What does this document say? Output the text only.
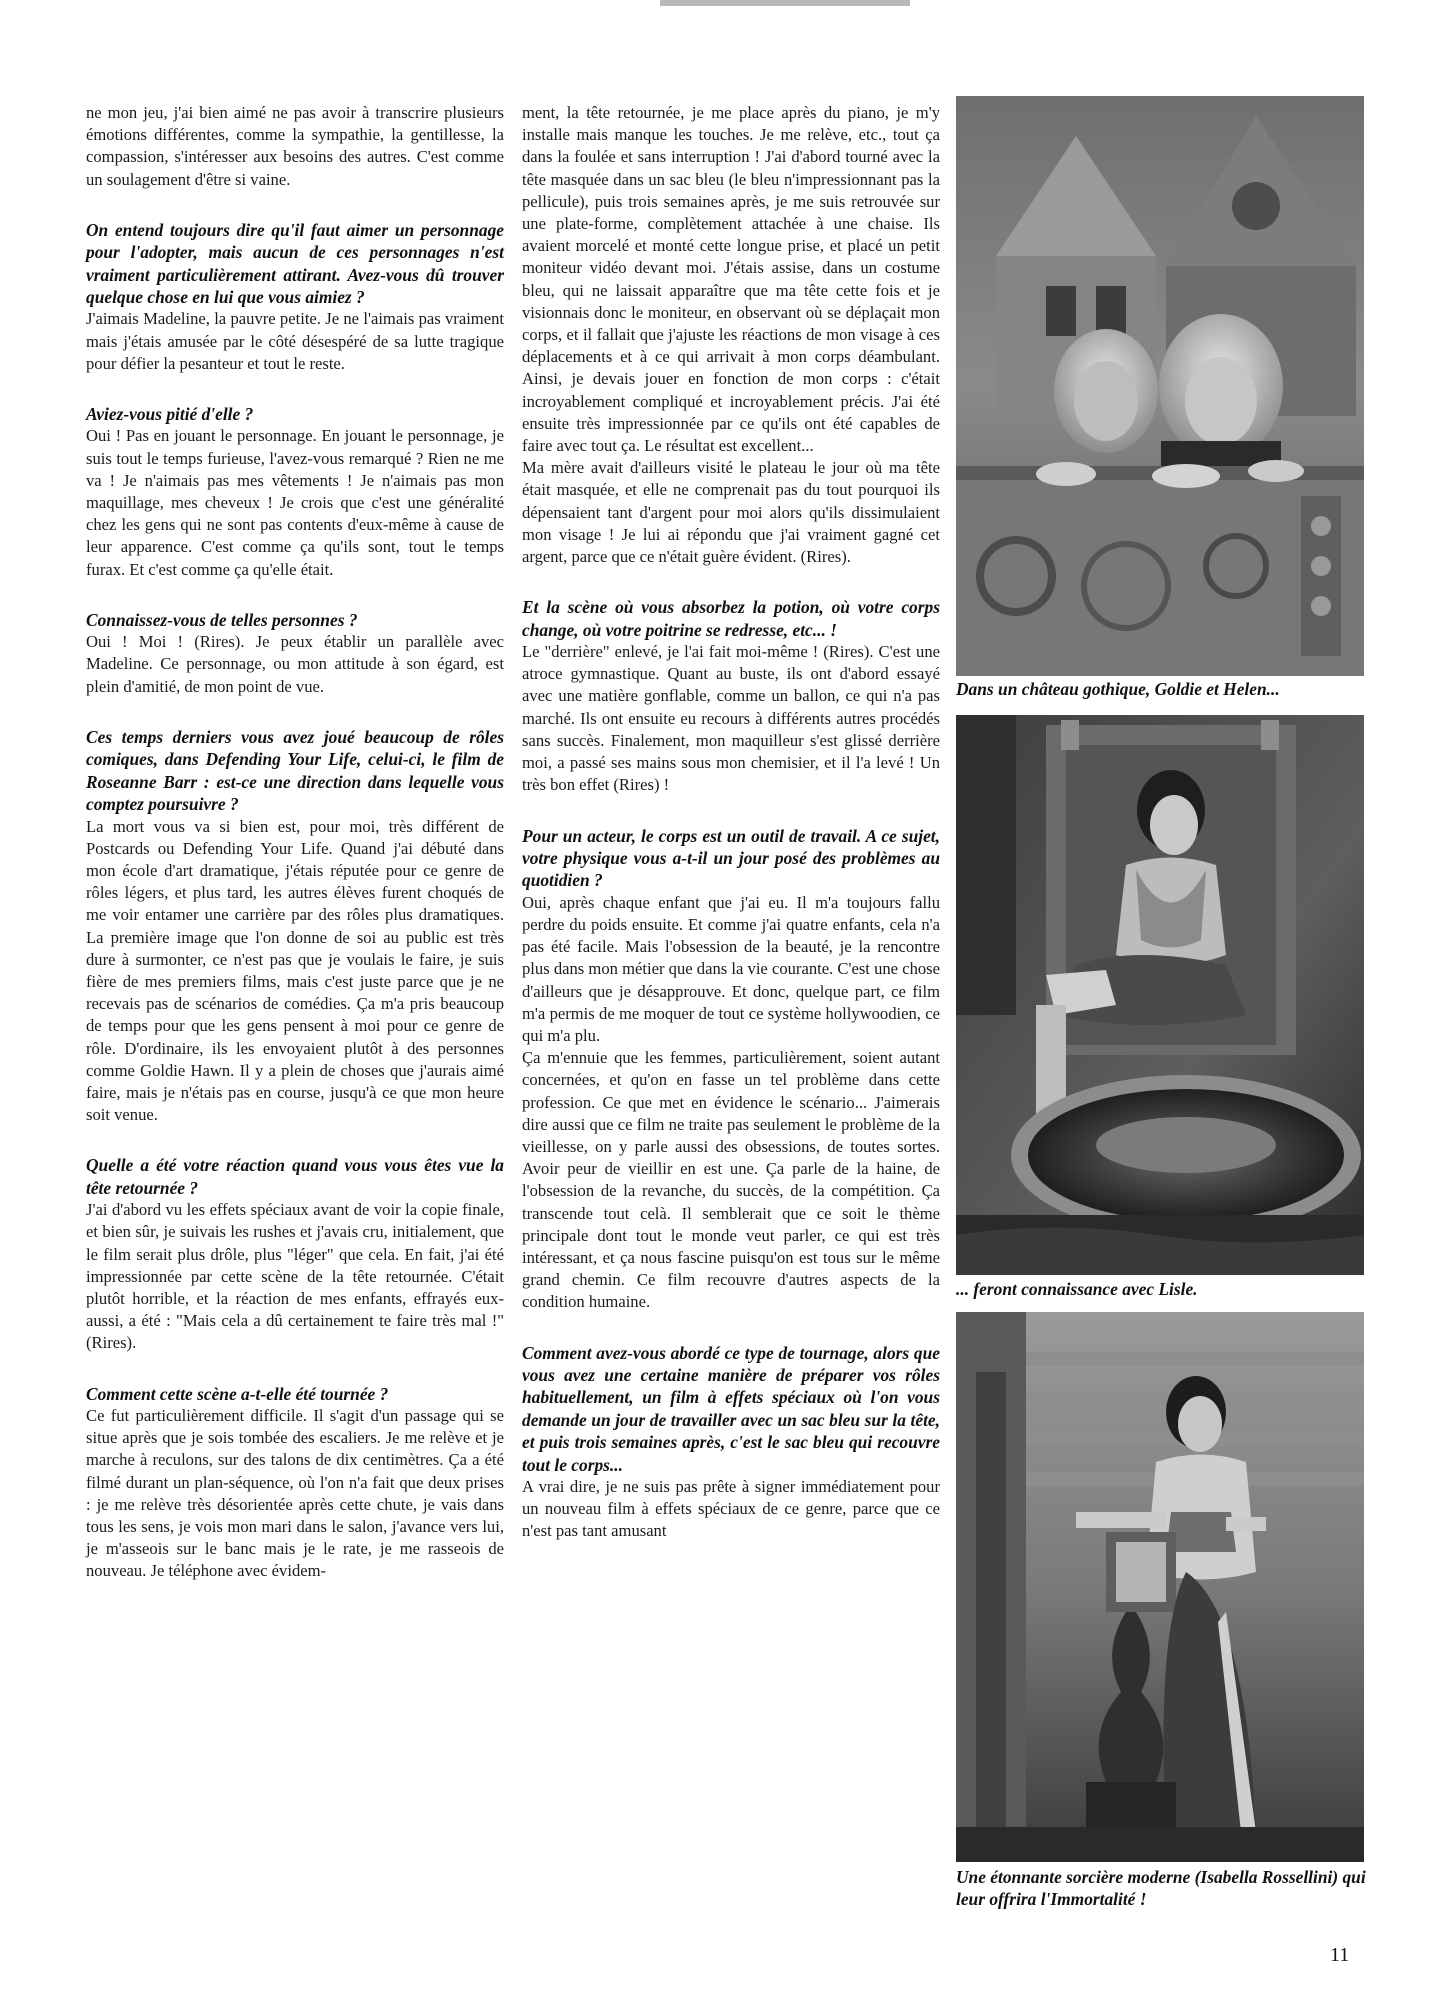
ne mon jeu, j'ai bien aimé ne pas avoir à transcrire plusieurs émotions différentes, comme la sympathie, la gentillesse, la compassion, s'intéresser aux besoins des autres. C'est comme un soulagement d'être si vaine.

On entend toujours dire qu'il faut aimer un personnage pour l'adopter, mais aucun de ces personnages n'est vraiment particulièrement attirant. Avez-vous dû trouver quelque chose en lui que vous aimiez ?

J'aimais Madeline, la pauvre petite. Je ne l'aimais pas vraiment mais j'étais amusée par le côté désespéré de sa lutte tragique pour défier la pesanteur et tout le reste.

Aviez-vous pitié d'elle ?

Oui ! Pas en jouant le personnage. En jouant le personnage, je suis tout le temps furieuse, l'avez-vous remarqué ? Rien ne me va ! Je n'aimais pas mes vêtements ! Je n'aimais pas mon maquillage, mes cheveux ! Je crois que c'est une généralité chez les gens qui ne sont pas contents d'eux-même à cause de leur apparence. C'est comme ça qu'ils sont, tout le temps furax. Et c'est comme ça qu'elle était.

Connaissez-vous de telles personnes ?

Oui ! Moi ! (Rires). Je peux établir un parallèle avec Madeline. Ce personnage, ou mon attitude à son égard, est plein d'amitié, de mon point de vue.

Ces temps derniers vous avez joué beaucoup de rôles comiques, dans Defending Your Life, celui-ci, le film de Roseanne Barr : est-ce une direction dans lequelle vous comptez poursuivre ?

La mort vous va si bien est, pour moi, très différent de Postcards ou Defending Your Life. Quand j'ai débuté dans mon école d'art dramatique, j'étais réputée pour ce genre de rôles légers, et plus tard, les autres élèves furent choqués de me voir entamer une carrière par des rôles plus dramatiques. La première image que l'on donne de soi au public est très dure à surmonter, ce n'est pas que je voulais le faire, je suis fière de mes premiers films, mais c'est juste parce que je ne recevais pas de scénarios de comédies. Ça m'a pris beaucoup de temps pour que les gens pensent à moi pour ce genre de rôle. D'ordinaire, ils les envoyaient plutôt à des personnes comme Goldie Hawn. Il y a plein de choses que j'aurais aimé faire, mais je n'étais pas en course, jusqu'à ce que mon heure soit venue.

Quelle a été votre réaction quand vous vous êtes vue la tête retournée ?

J'ai d'abord vu les effets spéciaux avant de voir la copie finale, et bien sûr, je suivais les rushes et j'avais cru, initialement, que le film serait plus drôle, plus "léger" que cela. En fait, j'ai été impressionnée par cette scène de la tête retournée. C'était plutôt horrible, et la réaction de mes enfants, effrayés eux-aussi, a été : "Mais cela a dû certainement te faire très mal !" (Rires).

Comment cette scène a-t-elle été tournée ?

Ce fut particulièrement difficile. Il s'agit d'un passage qui se situe après que je sois tombée des escaliers. Je me relève et je marche à reculons, sur des talons de dix centimètres. Ça a été filmé durant un plan-séquence, où l'on n'a fait que deux prises : je me relève très désorientée après cette chute, je vais dans tous les sens, je vois mon mari dans le salon, j'avance vers lui, je m'asseois sur le banc mais je le rate, je me rasseois de nouveau. Je téléphone avec évidem-

ment, la tête retournée, je me place après du piano, je m'y installe mais manque les touches. Je me relève, etc., tout ça dans la foulée et sans interruption ! J'ai d'abord tourné avec la tête masquée dans un sac bleu (le bleu n'impressionnant pas la pellicule), puis trois semaines après, je me suis retrouvée sur une plate-forme, complètement attachée à une chaise. Ils avaient morcelé et monté cette longue prise, et placé un petit moniteur vidéo devant moi. J'étais assise, dans un costume bleu, qui ne laissait apparaître que ma tête cette fois et je visionnais donc le moniteur, en observant où se déplaçait mon corps, et il fallait que j'ajuste les réactions de mon visage à ces déplacements et à ce qui arrivait à mon corps déambulant. Ainsi, je devais jouer en fonction de mon corps : c'était incroyablement compliqué et incroyablement précis. J'ai été ensuite très impressionnée par ce qu'ils ont été capables de faire avec tout ça. Le résultat est excellent...

Ma mère avait d'ailleurs visité le plateau le jour où ma tête était masquée, et elle ne comprenait pas du tout pourquoi ils dépensaient tant d'argent pour moi alors qu'ils dissimulaient mon visage ! Je lui ai répondu que j'ai vraiment gagné cet argent, parce que ce n'était guère évident. (Rires).

Et la scène où vous absorbez la potion, où votre corps change, où votre poitrine se redresse, etc... !

Le "derrière" enlevé, je l'ai fait moi-même ! (Rires). C'est une atroce gymnastique. Quant au buste, ils ont d'abord essayé avec une matière gonflable, comme un ballon, ce qui n'a pas marché. Ils ont ensuite eu recours à différents autres procédés sans succès. Finalement, mon maquilleur s'est glissé derrière moi, a passé ses mains sous mon chemisier, et il l'a levé ! Un très bon effet (Rires) !

Pour un acteur, le corps est un outil de travail. A ce sujet, votre physique vous a-t-il un jour posé des problèmes au quotidien ?

Oui, après chaque enfant que j'ai eu. Il m'a toujours fallu perdre du poids ensuite. Et comme j'ai quatre enfants, cela n'a pas été facile. Mais l'obsession de la beauté, je la rencontre plus dans mon métier que dans la vie courante. C'est une chose d'ailleurs que je désapprouve. Et donc, quelque part, ce film m'a permis de me moquer de tout ce système hollywoodien, ce qui m'a plu.

Ça m'ennuie que les femmes, particulièrement, soient autant concernées, et qu'on en fasse un tel problème dans cette profession. Ce que met en évidence le scénario... J'aimerais dire aussi que ce film ne traite pas seulement le problème de la vieillesse, on y parle aussi des obsessions, de toutes sortes. Avoir peur de vieillir en est une. Ça parle de la haine, de l'obsession de la revanche, du succès, de la compétition. Ça transcende tout celà. Il semblerait que ce soit le thème principale dont tout le monde veut parler, ce qui est très intéressant, et ça nous fascine puisqu'on est tous sur le même grand chemin. Ce film recouvre d'autres aspects de la condition humaine.

Comment avez-vous abordé ce type de tournage, alors que vous avez une certaine manière de préparer vos rôles habituellement, un film à effets spéciaux où l'on vous demande un jour de travailler avec un sac bleu sur la tête, et puis trois semaines après, c'est le sac bleu qui recouvre tout le corps...

A vrai dire, je ne suis pas prête à signer immédiatement pour un nouveau film à effets spéciaux de ce genre, parce que ce n'est pas tant amusant

Dans un château gothique, Goldie et Helen...
... feront connaissance avec Lisle.
Une étonnante sorcière moderne (Isabella Rossellini) qui leur offrira l'Immortalité !
11
